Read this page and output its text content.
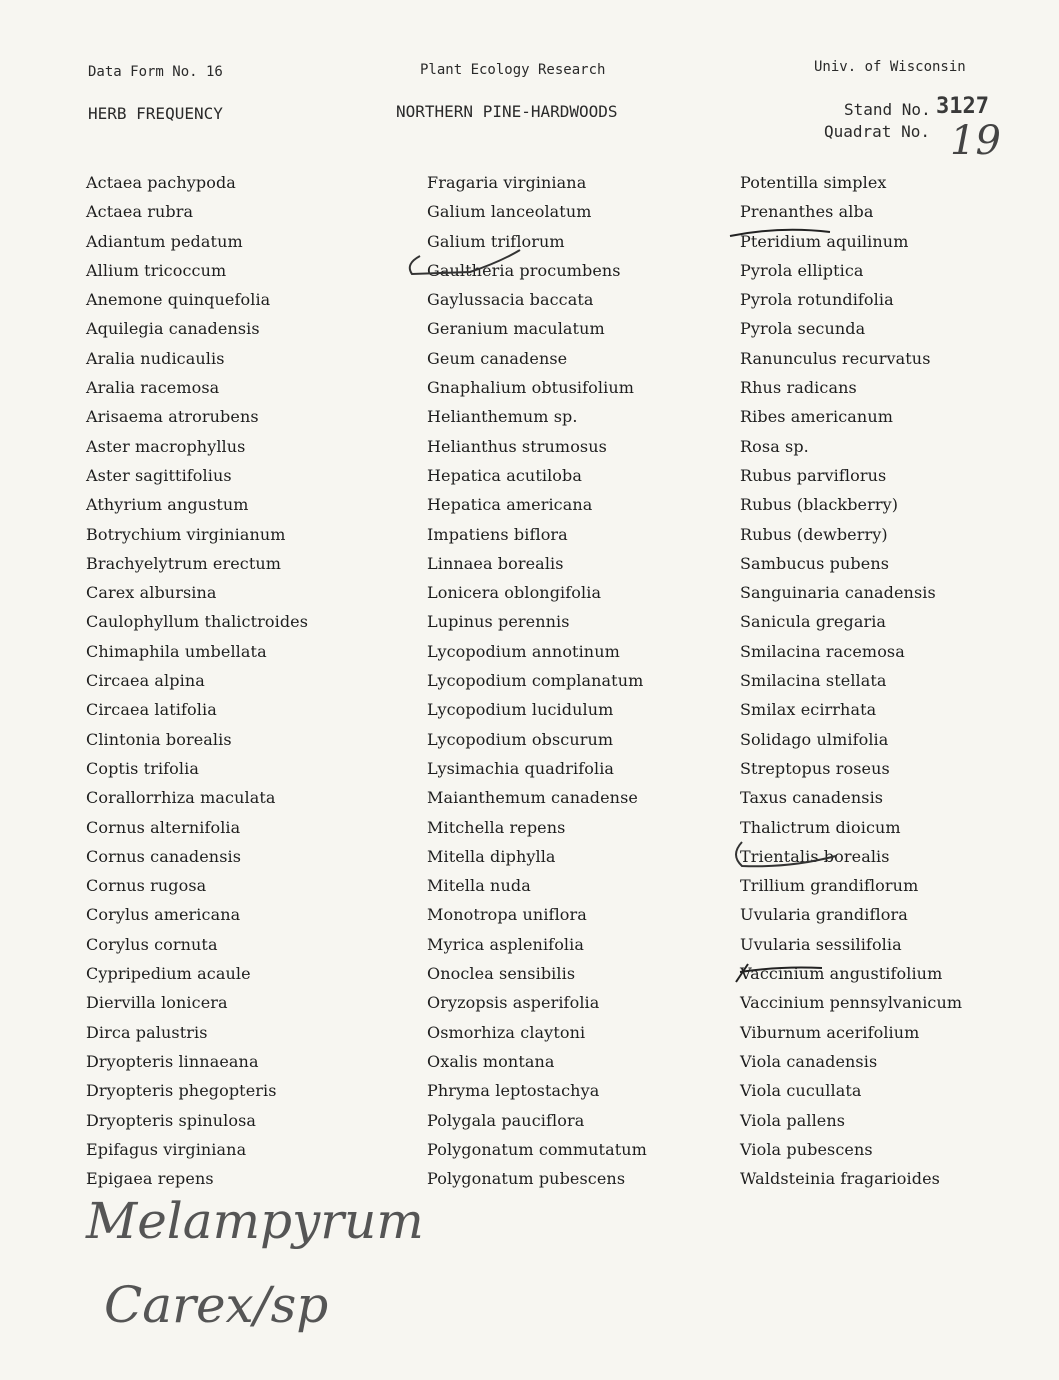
Data Form No. 16	Plant Ecology Research	Univ. of Wisconsin
HERB FREQUENCY	NORTHERN PINE-HARDWOODS	Stand No. 3127
Quadrat No. 19
Actaea pachypoda
Actaea rubra
Adiantum pedatum
Allium tricoccum
Anemone quinquefolia
Aquilegia canadensis
Aralia nudicaulis
Aralia racemosa
Arisaema atrorubens
Aster macrophyllus
Aster sagittifolius
Athyrium angustum
Botrychium virginianum
Brachyelytrum erectum
Carex albursina
Caulophyllum thalictroides
Chimaphila umbellata
Circaea alpina
Circaea latifolia
Clintonia borealis
Coptis trifolia
Corallorrhiza maculata
Cornus alternifolia
Cornus canadensis
Cornus rugosa
Corylus americana
Corylus cornuta
Cypripedium acaule
Diervilla lonicera
Dirca palustris
Dryopteris linnaeana
Dryopteris phegopteris
Dryopteris spinulosa
Epifagus virginiana
Epigaea repens
Fragaria virginiana
Galium lanceolatum
Galium triflorum
Gaultheria procumbens
Gaylussacia baccata
Geranium maculatum
Geum canadense
Gnaphalium obtusifolium
Helianthemum sp.
Helianthus strumosus
Hepatica acutiloba
Hepatica americana
Impatiens biflora
Linnaea borealis
Lonicera oblongifolia
Lupinus perennis
Lycopodium annotinum
Lycopodium complanatum
Lycopodium lucidulum
Lycopodium obscurum
Lysimachia quadrifolia
Maianthemum canadense
Mitchella repens
Mitella diphylla
Mitella nuda
Monotropa uniflora
Myrica asplenifolia
Onoclea sensibilis
Oryzopsis asperifolia
Osmorhiza claytoni
Oxalis montana
Phryma leptostachya
Polygala pauciflora
Polygonatum commutatum
Polygonatum pubescens
Potentilla simplex
Prenanthes alba
Pteridium aquilinum
Pyrola elliptica
Pyrola rotundifolia
Pyrola secunda
Ranunculus recurvatus
Rhus radicans
Ribes americanum
Rosa sp.
Rubus parviflorus
Rubus (blackberry)
Rubus (dewberry)
Sambucus pubens
Sanguinaria canadensis
Sanicula gregaria
Smilacina racemosa
Smilacina stellata
Smilax ecirrhata
Solidago ulmifolia
Streptopus roseus
Taxus canadensis
Thalictrum dioicum
Trientalis borealis
Trillium grandiflorum
Uvularia grandiflora
Uvularia sessilifolia
Vaccinium angustifolium
Vaccinium pennsylvanicum
Viburnum acerifolium
Viola canadensis
Viola cucullata
Viola pallens
Viola pubescens
Waldsteinia fragarioides
Melampyrum
Carex/sp
